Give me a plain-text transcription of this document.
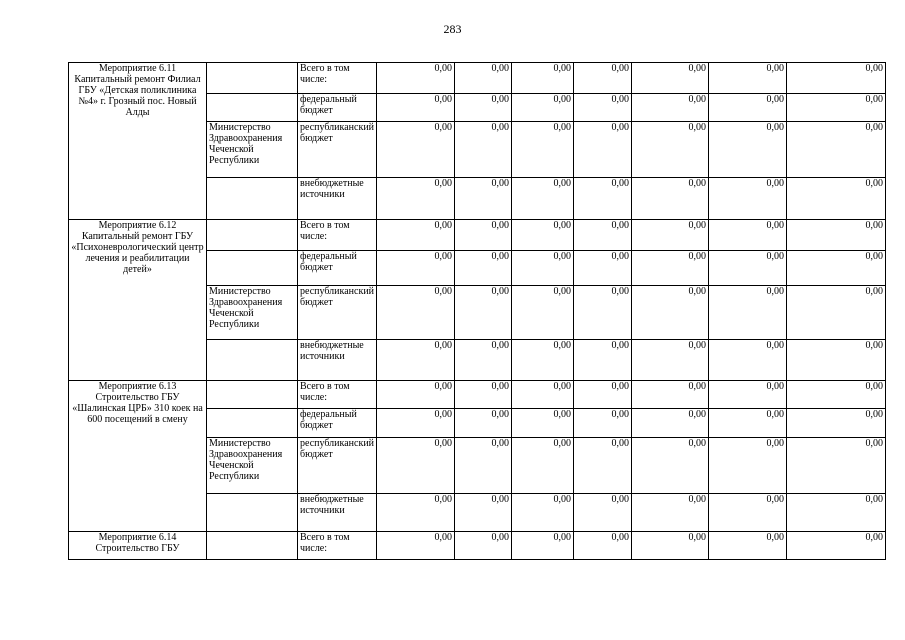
283
Мероприятие 6.11
Капитальный ремонт Филиал ГБУ «Детская поликлиника №4» г. Грозный пос. Новый Алды		Всего в том числе:	0,00	0,00	0,00	0,00	0,00	0,00	0,00
		федеральный бюджет	0,00	0,00	0,00	0,00	0,00	0,00	0,00
	Министерство Здравоохранения Чеченской Республики	республиканский бюджет	0,00	0,00	0,00	0,00	0,00	0,00	0,00
		внебюджетные источники	0,00	0,00	0,00	0,00	0,00	0,00	0,00
Мероприятие 6.12
Капитальный ремонт ГБУ «Психоневрологический центр лечения и реабилитации детей»		Всего в том числе:	0,00	0,00	0,00	0,00	0,00	0,00	0,00
		федеральный бюджет	0,00	0,00	0,00	0,00	0,00	0,00	0,00
	Министерство Здравоохранения Чеченской Республики	республиканский бюджет	0,00	0,00	0,00	0,00	0,00	0,00	0,00
		внебюджетные источники	0,00	0,00	0,00	0,00	0,00	0,00	0,00
Мероприятие 6.13
Строительство ГБУ «Шалинская ЦРБ» 310 коек на 600 посещений в смену		Всего в том числе:	0,00	0,00	0,00	0,00	0,00	0,00	0,00
		федеральный бюджет	0,00	0,00	0,00	0,00	0,00	0,00	0,00
	Министерство Здравоохранения Чеченской Республики	республиканский бюджет	0,00	0,00	0,00	0,00	0,00	0,00	0,00
		внебюджетные источники	0,00	0,00	0,00	0,00	0,00	0,00	0,00
Мероприятие 6.14
Строительство ГБУ		Всего в том числе:	0,00	0,00	0,00	0,00	0,00	0,00	0,00
